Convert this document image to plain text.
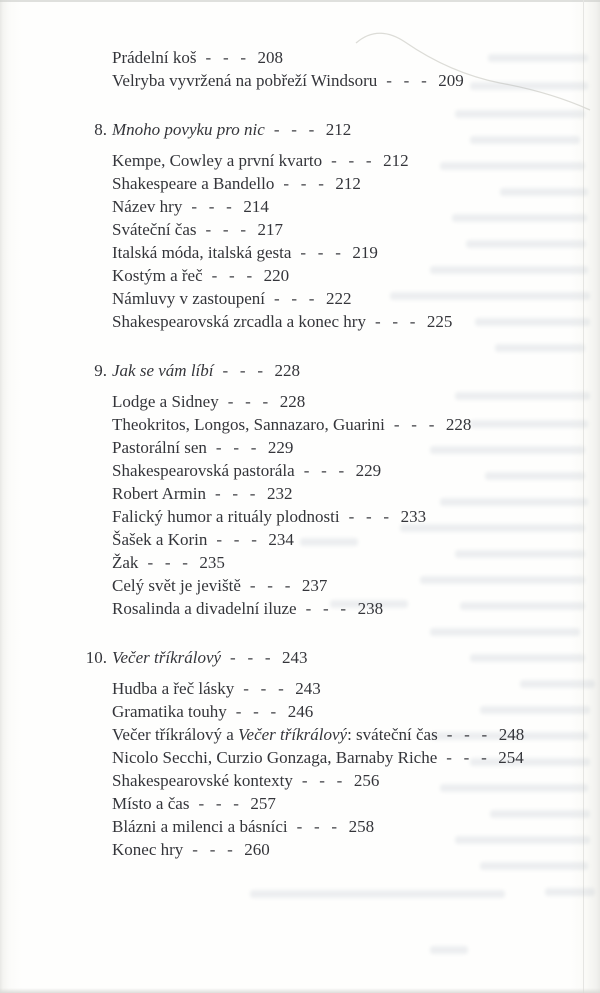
Prádelní koš - - - 208
Velryba vyvržená na pobřeží Windsoru - - - 209
8. Mnoho povyku pro nic - - - 212
Kempe, Cowley a první kvarto - - - 212
Shakespeare a Bandello - - - 212
Název hry - - - 214
Sváteční čas - - - 217
Italská móda, italská gesta - - - 219
Kostým a řeč - - - 220
Námluvy v zastoupení - - - 222
Shakespearovská zrcadla a konec hry - - - 225
9. Jak se vám líbí - - - 228
Lodge a Sidney - - - 228
Theokritos, Longos, Sannazaro, Guarini - - - 228
Pastorální sen - - - 229
Shakespearovská pastorála - - - 229
Robert Armin - - - 232
Falický humor a rituály plodnosti - - - 233
Šašek a Korin - - - 234
Žak - - - 235
Celý svět je jeviště - - - 237
Rosalinda a divadelní iluze - - - 238
10. Večer tříkrálový - - - 243
Hudba a řeč lásky - - - 243
Gramatika touhy - - - 246
Večer tříkrálový a Večer tříkrálový: sváteční čas - - - 248
Nicolo Secchi, Curzio Gonzaga, Barnaby Riche - - - 254
Shakespearovské kontexty - - - 256
Místo a čas - - - 257
Blázni a milenci a básníci - - - 258
Konec hry - - - 260
